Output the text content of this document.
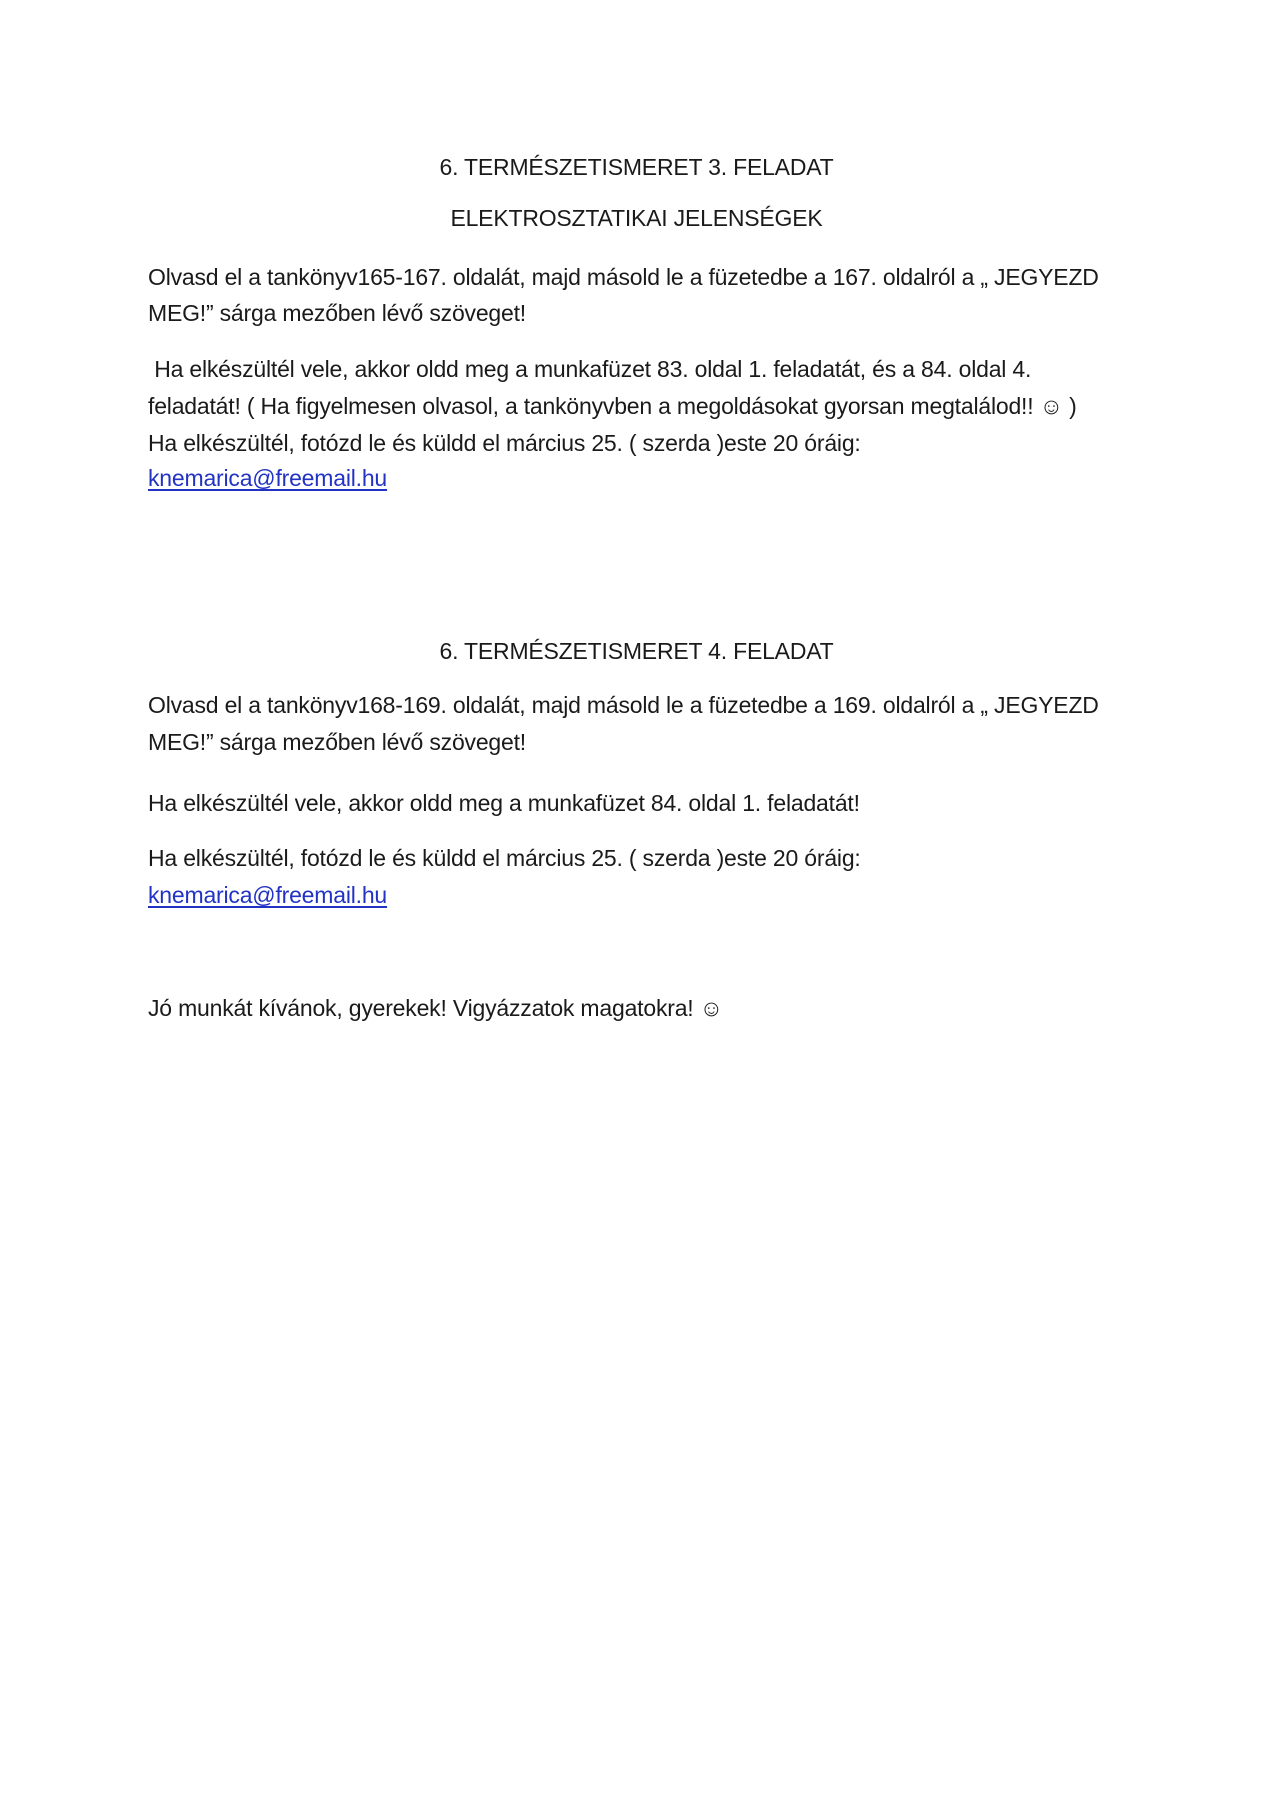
6. TERMÉSZETISMERET 3. FELADAT
ELEKTROSZTATIKAI JELENSÉGEK
Olvasd el a tankönyv165-167. oldalát, majd másold le a füzetedbe a 167. oldalról a „ JEGYEZD
MEG!” sárga mezőben lévő szöveget!
Ha elkészültél vele, akkor oldd meg a munkafüzet 83. oldal 1. feladatát, és a 84. oldal 4.
feladatát! ( Ha figyelmesen olvasol, a tankönyvben a megoldásokat gyorsan megtalálod!! ☺ )
Ha elkészültél, fotózd le és küldd el március 25. ( szerda )este 20 óráig:
knemarica@freemail.hu
6. TERMÉSZETISMERET 4. FELADAT
Olvasd el a tankönyv168-169. oldalát, majd másold le a füzetedbe a 169. oldalról a „ JEGYEZD
MEG!” sárga mezőben lévő szöveget!
Ha elkészültél vele, akkor oldd meg a munkafüzet 84. oldal 1. feladatát!
Ha elkészültél, fotózd le és küldd el március 25. ( szerda )este 20 óráig:
knemarica@freemail.hu
Jó munkát kívánok, gyerekek! Vigyázzatok magatokra! ☺
